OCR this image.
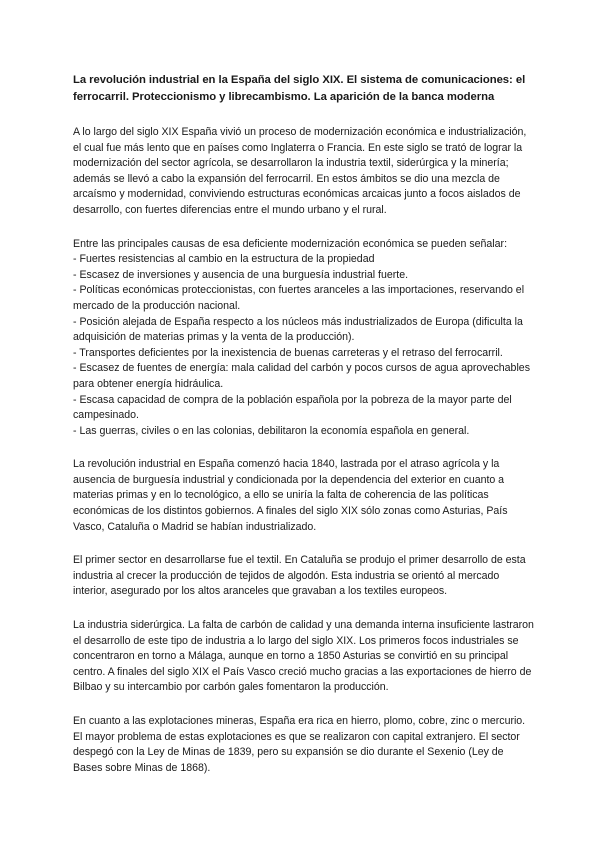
La revolución industrial en la España del siglo XIX. El sistema de comunicaciones: el ferrocarril. Proteccionismo y librecambismo. La aparición de la banca moderna

A lo largo del siglo XIX España vivió un proceso de modernización económica e industrialización, el cual fue más lento que en países como Inglaterra o Francia. En este siglo se trató de lograr la modernización del sector agrícola, se desarrollaron la industria textil, siderúrgica y la minería; además se llevó a cabo la expansión del ferrocarril. En estos ámbitos se dio una mezcla de arcaísmo y modernidad, conviviendo estructuras económicas arcaicas junto a focos aislados de desarrollo, con fuertes diferencias entre el mundo urbano y el rural.

Entre las principales causas de esa deficiente modernización económica se pueden señalar:

- Fuertes resistencias al cambio en la estructura de la propiedad
- Escasez de inversiones y ausencia de una burguesía industrial fuerte.
- Políticas económicas proteccionistas, con fuertes aranceles a las importaciones, reservando el mercado de la producción nacional.
- Posición alejada de España respecto a los núcleos más industrializados de Europa (dificulta la adquisición de materias primas y la venta de la producción).
- Transportes deficientes por la inexistencia de buenas carreteras y el retraso del ferrocarril.
- Escasez de fuentes de energía: mala calidad del carbón y pocos cursos de agua aprovechables para obtener energía hidráulica.
- Escasa capacidad de compra de la población española por la pobreza de la mayor parte del campesinado.
- Las guerras, civiles o en las colonias, debilitaron la economía española en general.

La revolución industrial en España comenzó hacia 1840, lastrada por el atraso agrícola y la ausencia de burguesía industrial y condicionada por la dependencia del exterior en cuanto a materias primas y en lo tecnológico, a ello se uniría la falta de coherencia de las políticas económicas de los distintos gobiernos. A finales del siglo XIX sólo zonas como Asturias, País Vasco, Cataluña o Madrid se habían industrializado.

El primer sector en desarrollarse fue el textil. En Cataluña se produjo el primer desarrollo de esta industria al crecer la producción de tejidos de algodón. Esta industria se orientó al mercado interior, asegurado por los altos aranceles que gravaban a los textiles europeos.

La industria siderúrgica. La falta de carbón de calidad y una demanda interna insuficiente lastraron el desarrollo de este tipo de industria a lo largo del siglo XIX. Los primeros focos industriales se concentraron en torno a Málaga, aunque en torno a 1850 Asturias se convirtió en su principal centro. A finales del siglo XIX el País Vasco creció mucho gracias a las exportaciones de hierro de Bilbao y su intercambio por carbón gales fomentaron la producción.

En cuanto a las explotaciones mineras, España era rica en hierro, plomo, cobre, zinc o mercurio. El mayor problema de estas explotaciones es que se realizaron con capital extranjero. El sector despegó con la Ley de Minas de 1839, pero su expansión se dio durante el Sexenio (Ley de Bases sobre Minas de 1868).
